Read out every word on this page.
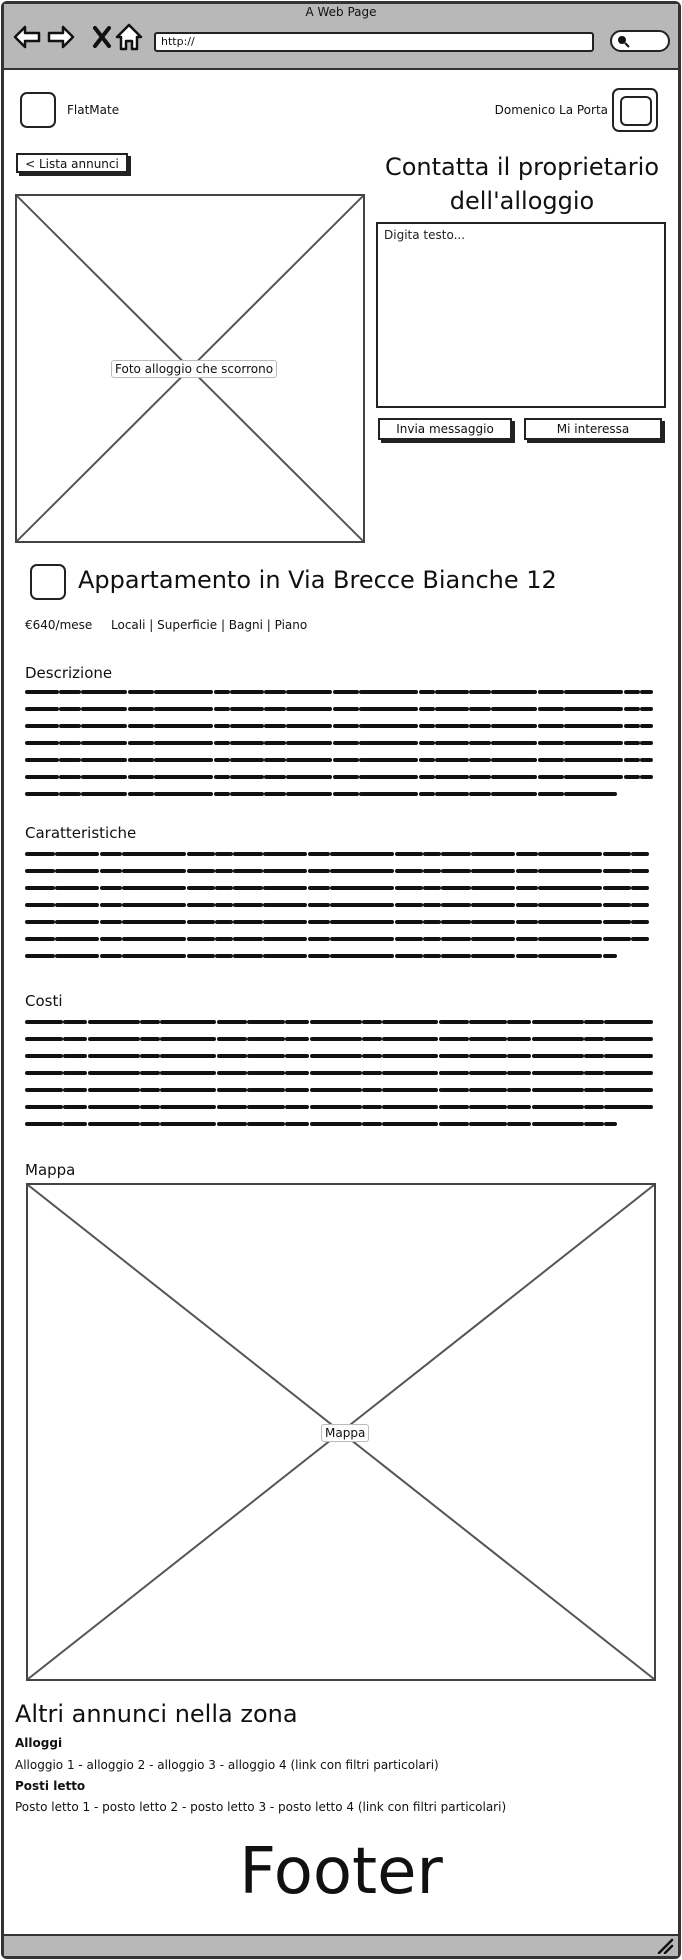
A Web Page
http://
FlatMate	Domenico La Porta
< Lista annunci
Foto alloggio che scorrono
Contatta il proprietario
dell'alloggio
Digita testo...
Invia messaggio	Mi interessa
Appartamento in Via Brecce Bianche 12
€640/mese Locali | Superficie | Bagni | Piano
Descrizione
Caratteristiche
Costi
Mappa
Mappa
Altri annunci nella zona
Alloggi
Alloggio 1 - alloggio 2 - alloggio 3 - alloggio 4 (link con filtri particolari)
Posti letto
Posto letto 1 - posto letto 2 - posto letto 3 - posto letto 4 (link con filtri particolari)
Footer
